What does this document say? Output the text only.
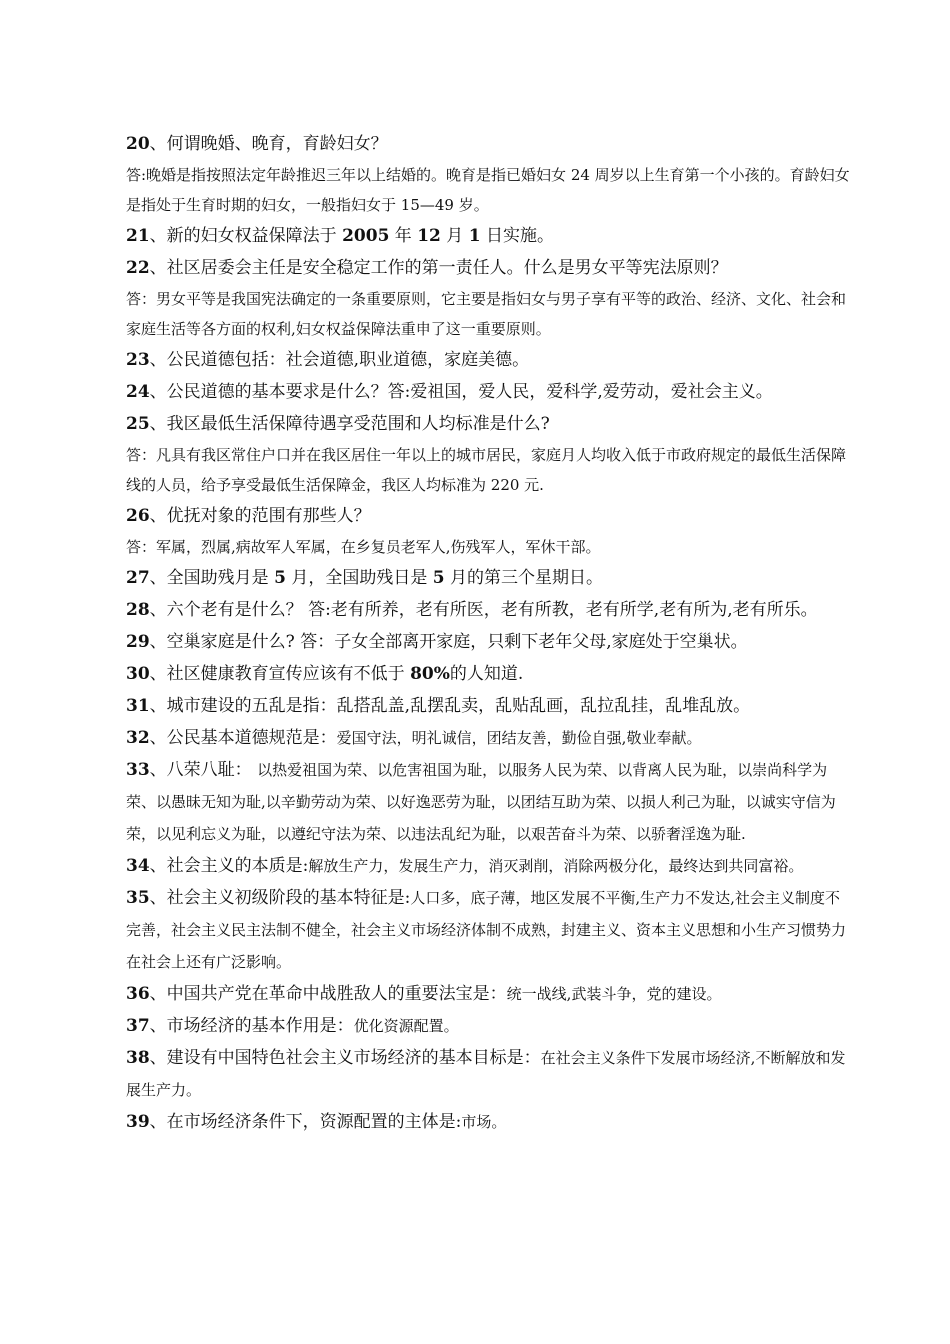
20、何谓晚婚、晚育，育龄妇女？

答:晚婚是指按照法定年龄推迟三年以上结婚的。晚育是指已婚妇女 24 周岁以上生育第一个小孩的。育龄妇女是指处于生育时期的妇女，一般指妇女于 15—49 岁。

21、新的妇女权益保障法于 2005 年 12 月 1 日实施。

22、社区居委会主任是安全稳定工作的第一责任人。什么是男女平等宪法原则？

答：男女平等是我国宪法确定的一条重要原则，它主要是指妇女与男子享有平等的政治、经济、文化、社会和家庭生活等各方面的权利,妇女权益保障法重申了这一重要原则。

23、公民道德包括：社会道德,职业道德，家庭美德。

24、公民道德的基本要求是什么？答:爱祖国，爱人民，爱科学,爱劳动，爱社会主义。

25、我区最低生活保障待遇享受范围和人均标准是什么?

答：凡具有我区常住户口并在我区居住一年以上的城市居民，家庭月人均收入低于市政府规定的最低生活保障线的人员，给予享受最低生活保障金，我区人均标准为 220 元.

26、优抚对象的范围有那些人？

答：军属，烈属,病故军人军属，在乡复员老军人,伤残军人，军休干部。

27、全国助残月是 5 月，全国助残日是 5 月的第三个星期日。

28、六个老有是什么？ 答:老有所养，老有所医，老有所教，老有所学,老有所为,老有所乐。

29、空巢家庭是什么? 答：子女全部离开家庭，只剩下老年父母,家庭处于空巢状。

30、社区健康教育宣传应该有不低于 80%的人知道.

31、城市建设的五乱是指：乱搭乱盖,乱摆乱卖，乱贴乱画，乱拉乱挂，乱堆乱放。

32、公民基本道德规范是：爱国守法，明礼诚信，团结友善，勤俭自强,敬业奉献。

33、八荣八耻： 以热爱祖国为荣、以危害祖国为耻，以服务人民为荣、以背离人民为耻，以崇尚科学为荣、以愚昧无知为耻,以辛勤劳动为荣、以好逸恶劳为耻，以团结互助为荣、以损人利己为耻，以诚实守信为荣，以见利忘义为耻，以遵纪守法为荣、以违法乱纪为耻，以艰苦奋斗为荣、以骄奢淫逸为耻.

34、社会主义的本质是:解放生产力，发展生产力，消灭剥削，消除两极分化，最终达到共同富裕。

35、社会主义初级阶段的基本特征是:人口多，底子薄，地区发展不平衡,生产力不发达,社会主义制度不完善，社会主义民主法制不健全，社会主义市场经济体制不成熟，封建主义、资本主义思想和小生产习惯势力在社会上还有广泛影响。

36、中国共产党在革命中战胜敌人的重要法宝是：统一战线,武装斗争，党的建设。

37、市场经济的基本作用是：优化资源配置。

38、建设有中国特色社会主义市场经济的基本目标是：在社会主义条件下发展市场经济,不断解放和发展生产力。

39、在市场经济条件下，资源配置的主体是:市场。
